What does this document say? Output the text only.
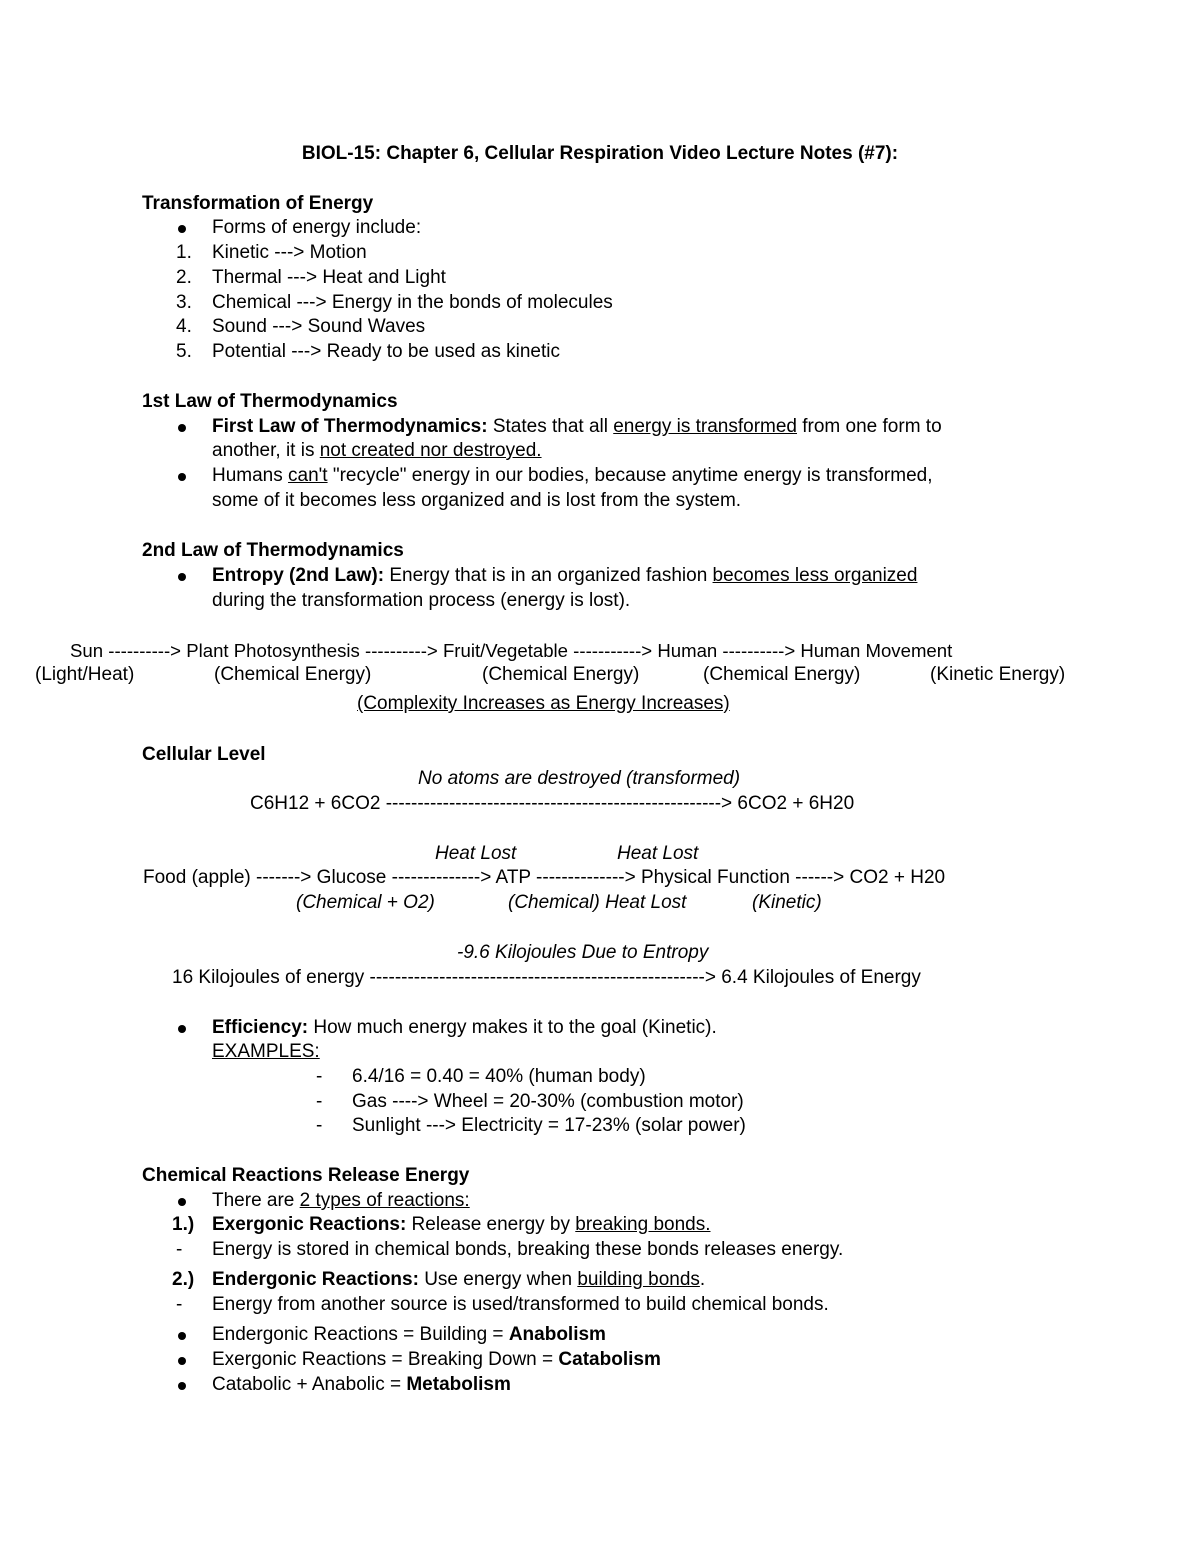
BIOL-15: Chapter 6, Cellular Respiration Video Lecture Notes (#7):
Transformation of Energy
Forms of energy include:
1. Kinetic ---> Motion
2. Thermal ---> Heat and Light
3. Chemical ---> Energy in the bonds of molecules
4. Sound ---> Sound Waves
5. Potential ---> Ready to be used as kinetic
1st Law of Thermodynamics
First Law of Thermodynamics: States that all energy is transformed from one form to
another, it is not created nor destroyed.
Humans can't "recycle" energy in our bodies, because anytime energy is transformed,
some of it becomes less organized and is lost from the system.
2nd Law of Thermodynamics
Entropy (2nd Law): Energy that is in an organized fashion becomes less organized
during the transformation process (energy is lost).
Sun ----------> Plant Photosynthesis ----------> Fruit/Vegetable -----------> Human ----------> Human Movement
(Light/Heat)	(Chemical Energy)	(Chemical Energy)	(Chemical Energy)	(Kinetic Energy)
(Complexity Increases as Energy Increases)
Cellular Level
No atoms are destroyed (transformed)
C6H12 + 6CO2 -----------------------------------------------------> 6CO2 + 6H20
Heat Lost	Heat Lost
Food (apple) -------> Glucose --------------> ATP --------------> Physical Function ------> CO2 + H20
(Chemical + O2)	(Chemical) Heat Lost	(Kinetic)
-9.6 Kilojoules Due to Entropy
16 Kilojoules of energy -----------------------------------------------------> 6.4 Kilojoules of Energy
Efficiency: How much energy makes it to the goal (Kinetic).
EXAMPLES:
- 6.4/16 = 0.40 = 40% (human body)
- Gas ----> Wheel = 20-30% (combustion motor)
- Sunlight ---> Electricity = 17-23% (solar power)
Chemical Reactions Release Energy
There are 2 types of reactions:
1.) Exergonic Reactions: Release energy by breaking bonds.
- Energy is stored in chemical bonds, breaking these bonds releases energy.
2.) Endergonic Reactions: Use energy when building bonds.
- Energy from another source is used/transformed to build chemical bonds.
Endergonic Reactions = Building = Anabolism
Exergonic Reactions = Breaking Down = Catabolism
Catabolic + Anabolic = Metabolism
